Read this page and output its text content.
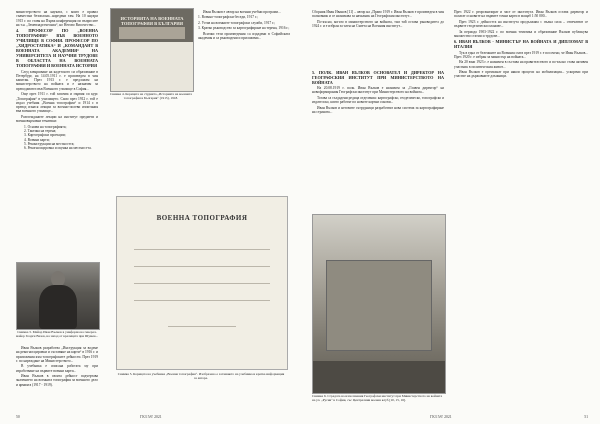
министерството на науката, с която е правил съвместни безопасни...наредени там. На 10 януари 1915 г. по ставя на Първа конференция по въпросите на т.н. „Земевладелческия“, но Негово Височество...

4. ПРОФЕСОР ПО „ВОЕННА ТОПОГРАФИЯ“ ВЪВ ВОЕННОТО УЧИЛИЩЕ В СОФИЯ. ПРОФЕСОР ПО „ХИДРОСТАТИКА“ И „КОМАНДАНТ В ВОЕННАТА АКАДЕМИЯ“ НА УНИВЕРСИТЕТА И НАУЧНИ ТРУДОВЕ В ОБЛАСТТА НА ВОЕННАТА ТОПОГРАФИЯ И ВОЕННАТА ИСТОРИЯ

След завършване на кадетското си образование в Петербург, на 14.05.1911 г. е произведен в чин капитан. През 1913 г. е предложен на министерството на войната и е назначен за преподавател във Военното училище в София...

Още през 1911 г. той започва и първия си курс „Топография“ в училището. Само през 1912 г. той е издал учебник „Военна топография“ и 1914 г. в превод изнася лекции за военно-полеви изпитания във военното училище...

Разглежданите лекции на институт предмети и военновърховни тематики:

• 1. Основи на топографията;
• 2. Тактика на терена;
• 3. Картографски проекции;
• 4. Военни карти;
• 5. Реконструкции на местността;
• 6. Рекогносцировка и оценка на местността.
Снимка 3. Майор Иван Вълков в униформа на генерал-майор Георги Вазов, на запад от кралицата при Шумен...

Иван Вълков разработва „Инструкция за водене на рекогносцировки и съставяне на карти“ в 1916 г. и приложения към топографските дейности. През 1919 г. по нареждане на Министерството...

В учебника е описана работата му при изработване на първите военни карти...

Иван Вълков в своята дейност подчертава значението на военната топография за военното дело и армията (1917 - 1919).

ИСТОРИЯТА НА ВОЕННАТА ТОПОГРАФИЯ В БЪЛГАРИЯ
Снимка 4. Корицата на студията „Историята на военната топография в България“ (1915), 1918.

Иван Вълков е автор на военни учебни програми...

1. Военно-топографски беседи, 1917 г.;

2. Устав на военните топографски служби, 1917 г.;

3. Кратко ръководство за картографиране на терена, 1916 г.;

Всички тези произведения са издадени в Софийската академия и са ръководени и приложени...

ВОЕННА ТОПОГРАФИЯ
Снимка 5. Корицата на учебника „Военна топография“. Изобразено е заглавието на учебника и кратка информация за автора.
50	ГКЗ 5/6' 2021

Сборник Иван Иванов [11] – автор на „Право 1919 г. Иван Вълков е произведен в чин полковник и се назначава за началник на Географския институт...

По-късно, когато в министерството на войната, там той остава ръководител до 1924 г. и е избран за член на Съвета на Военния институт...

5. ПОЛК. ИВАН ВЪЛКОВ ОСНОВАТЕЛ И ДИРЕКТОР НА ГЕОГРАФСКИЯ ИНСТИТУТ ПРИ МИНИСТЕРСТВОТО НА ВОЙНАТА

На 20.08.1919 г. полк. Иван Вълков е назначен за „Главен директор“ на новоформирания Географски институт при Министерството на войната...

Тогава са създадени редица отделения: картографско, геодезическо, топографско и издателско, които работят по новите картни основи...

Иван Вълков и неговите сътрудници разработват нова система за картографиране на страната...

Снимка 6. Сградата на използвания Географски институт при Министерството на войната на ул. „Русия“ в София, със Централния военен клуб [10, 15, 16].

През 1922 г. реорганизират и част от института. Иван Вълков остава директор и полагат основите на първите точни карти в мащаб 1:50 000...

През 1923 г. дейността на института продължава с пълна сила – отпечатват се първите геодезически планове...

За периода 1903-1922 г. по военна тематика и образование Вълков публикува множество статии и трудове...

6. ИВАН ВЪЛКОВ - МИНИСТЪР НА ВОЙНАТА И ДИПЛОМАТ В ИТАЛИЯ

Тук в една от бележките на Военния съюз през 1919 г. е посочено, че Иван Вълков... През 1920 г. е избран за министър на войната...

На 20 юни 1923 г. е назначен в състава на правителството и по-късно става активен участник в политическия живот...

Иван Вълков е премахнат при някои процеси на мобилизация... ускорени при участие на държавните длъжници.

ГКЗ 5/6' 2021	51
